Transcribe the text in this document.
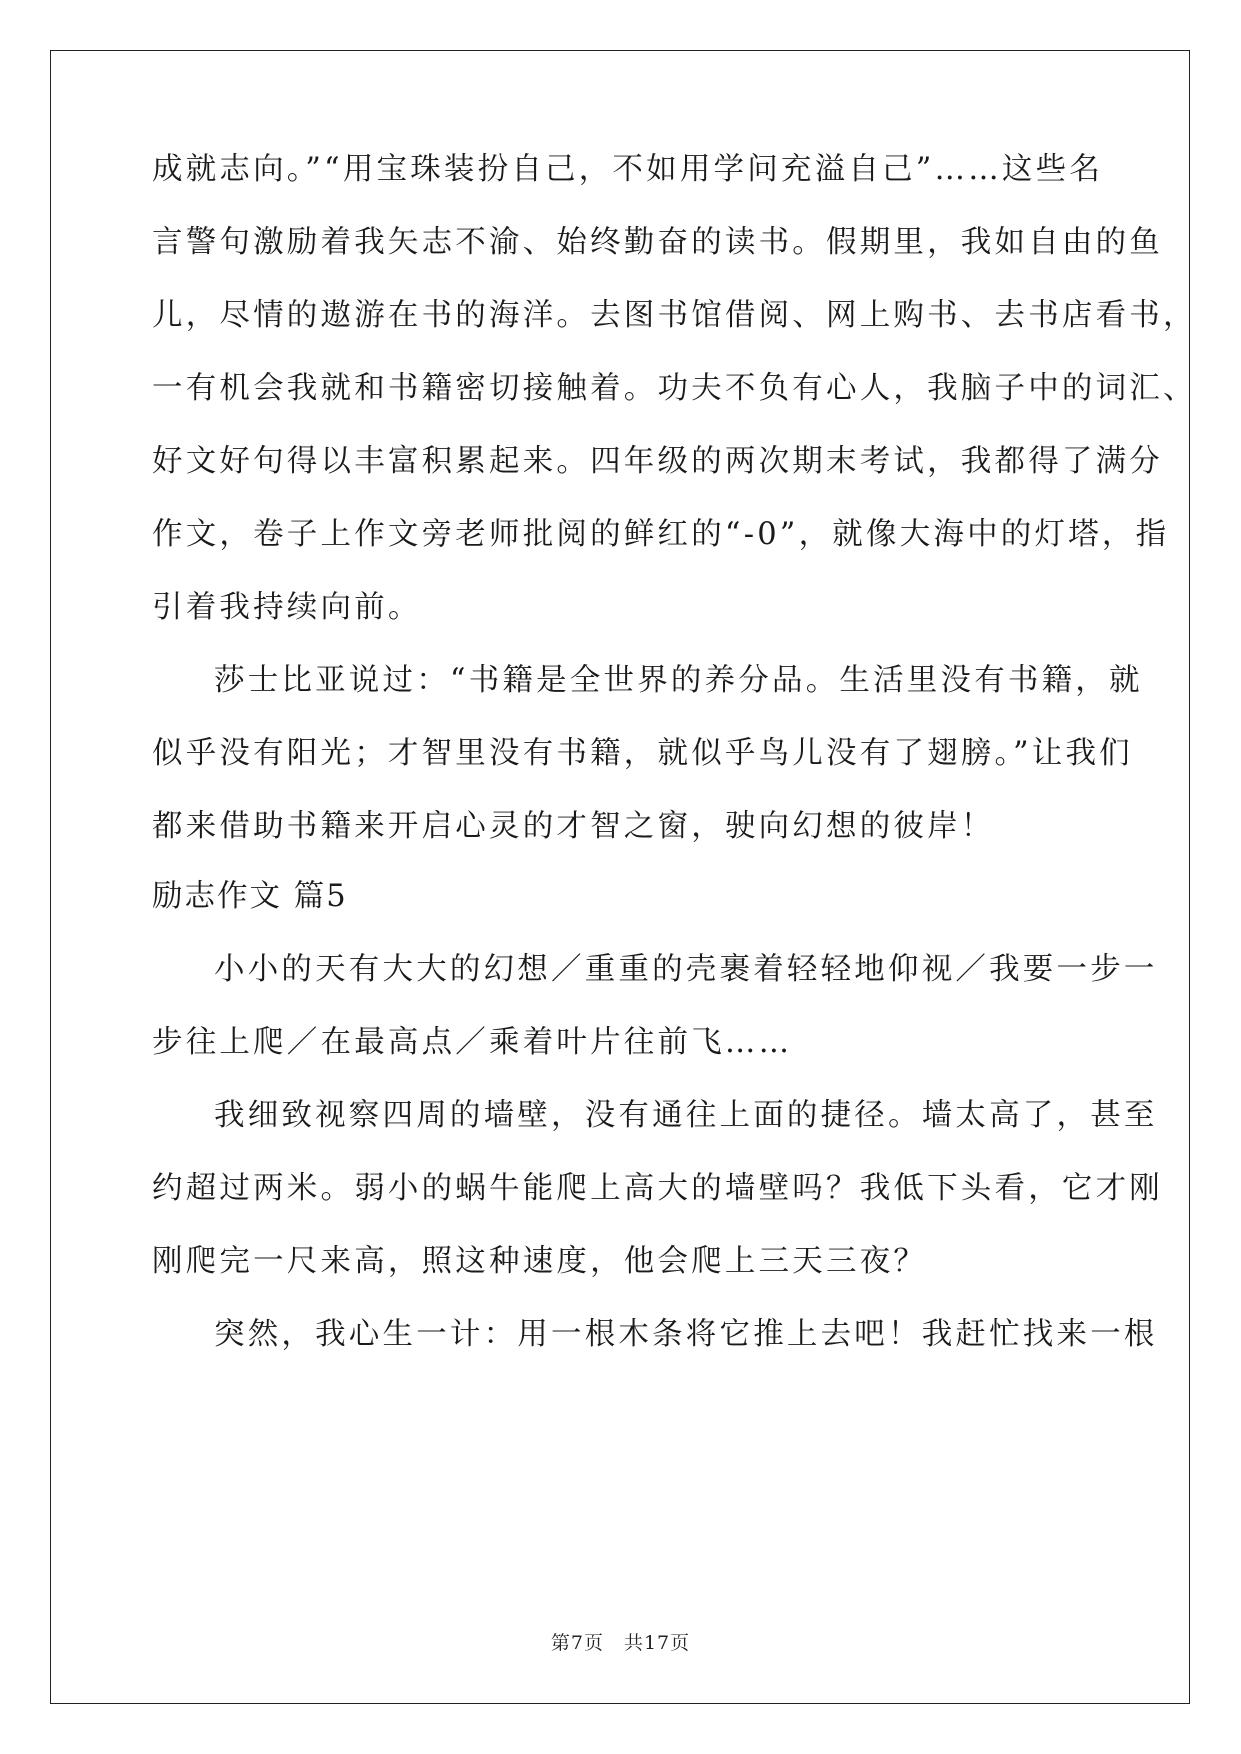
成就志向。”“用宝珠装扮自己，不如用学问充溢自己”……这些名
言警句激励着我矢志不渝、始终勤奋的读书。假期里，我如自由的鱼
儿，尽情的遨游在书的海洋。去图书馆借阅、网上购书、去书店看书，
一有机会我就和书籍密切接触着。功夫不负有心人，我脑子中的词汇、
好文好句得以丰富积累起来。四年级的两次期末考试，我都得了满分
作文，卷子上作文旁老师批阅的鲜红的“-0”，就像大海中的灯塔，指
引着我持续向前。
莎士比亚说过：“书籍是全世界的养分品。生活里没有书籍，就
似乎没有阳光；才智里没有书籍，就似乎鸟儿没有了翅膀。”让我们
都来借助书籍来开启心灵的才智之窗，驶向幻想的彼岸！
励志作文 篇5
小小的天有大大的幻想／重重的壳裹着轻轻地仰视／我要一步一
步往上爬／在最高点／乘着叶片往前飞……
我细致视察四周的墙壁，没有通往上面的捷径。墙太高了，甚至
约超过两米。弱小的蜗牛能爬上高大的墙壁吗？我低下头看，它才刚
刚爬完一尺来高，照这种速度，他会爬上三天三夜？
突然，我心生一计：用一根木条将它推上去吧！我赶忙找来一根
第7页　共17页
